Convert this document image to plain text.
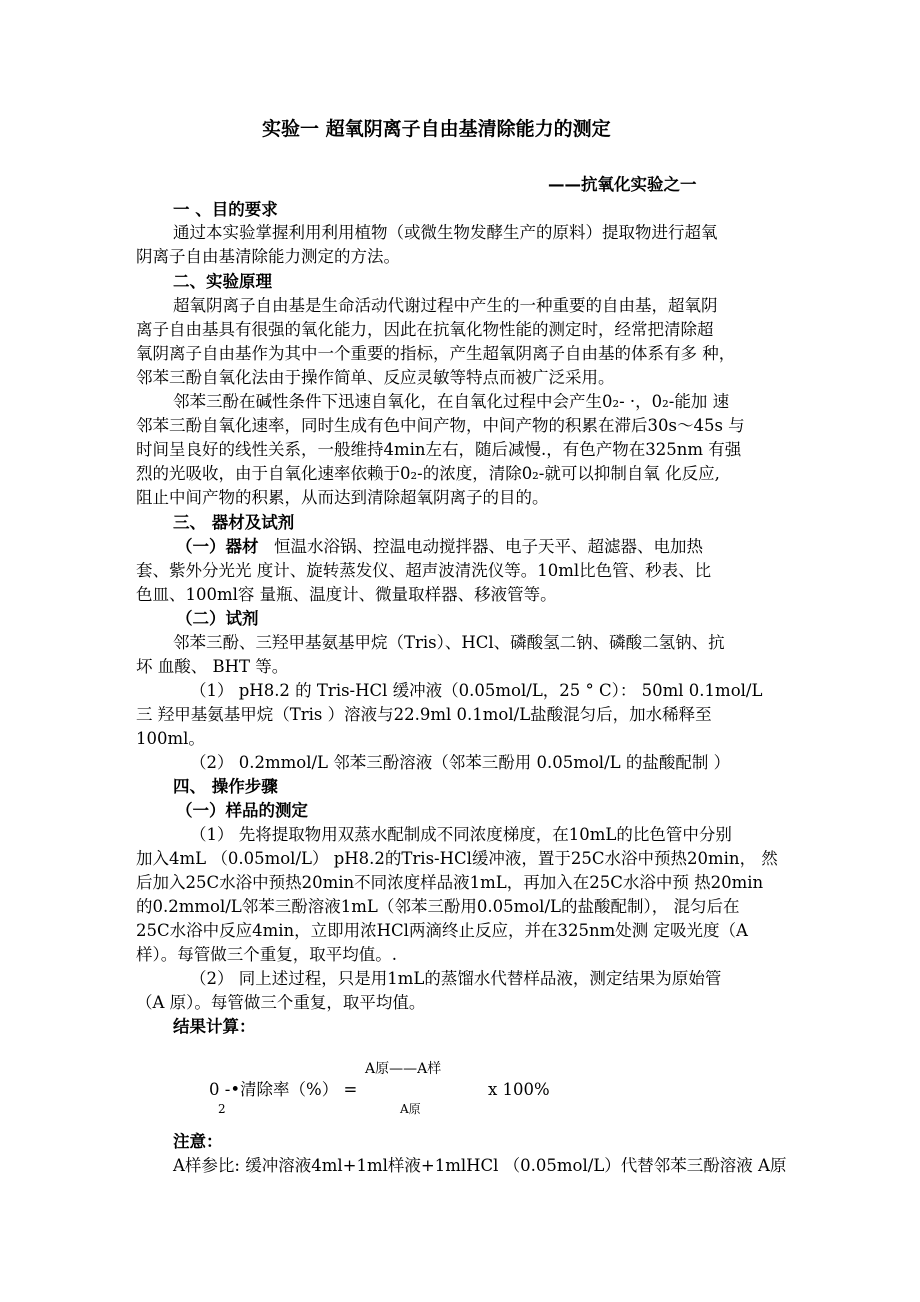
实验一 超氧阴离子自由基清除能力的测定
——抗氧化实验之一
一 、目的要求
通过本实验掌握利用利用植物（或微生物发酵生产的原料）提取物进行超氧
阴离子自由基清除能力测定的方法。
二、实验原理
超氧阴离子自由基是生命活动代谢过程中产生的一种重要的自由基，超氧阴
离子自由基具有很强的氧化能力，因此在抗氧化物性能的测定时，经常把清除超
氧阴离子自由基作为其中一个重要的指标，产生超氧阴离子自由基的体系有多 种，
邻苯三酚自氧化法由于操作简单、反应灵敏等特点而被广泛采用。
邻苯三酚在碱性条件下迅速自氧化，在自氧化过程中会产生0₂‑ ·，0₂-能加 速
邻苯三酚自氧化速率，同时生成有色中间产物，中间产物的积累在滞后30s～45s 与
时间呈良好的线性关系，一般维持4min左右，随后减慢.，有色产物在325nm 有强
烈的光吸收，由于自氧化速率依赖于0₂-的浓度，清除0₂-就可以抑制自氧 化反应,
阻止中间产物的积累，从而达到清除超氧阴离子的目的。
三、 器材及试剂
（一）器材 恒温水浴锅、控温电动搅拌器、电子天平、超滤器、电加热
套、紫外分光光 度计、旋转蒸发仪、超声波清洗仪等。10ml比色管、秒表、比
色皿、100ml容 量瓶、温度计、微量取样器、移液管等。
（二）试剂
邻苯三酚、三羟甲基氨基甲烷（Tris）、HCl、磷酸氢二钠、磷酸二氢钠、抗
坏 血酸、 BHT 等。
（1） pH8.2 的 Tris-HCl 缓冲液（0.05mol/L，25 ° C）： 50ml 0.1mol/L
三 羟甲基氨基甲烷（Tris ）溶液与22.9ml 0.1mol/L盐酸混匀后，加水稀释至
100ml。
（2） 0.2mmol/L 邻苯三酚溶液（邻苯三酚用 0.05mol/L 的盐酸配制 ）
四、 操作步骤
（一）样品的测定
（1） 先将提取物用双蒸水配制成不同浓度梯度，在10mL的比色管中分别
加入4mL （0.05mol/L） pH8.2的Tris-HCl缓冲液，置于25C水浴中预热20min， 然
后加入25C水浴中预热20min不同浓度样品液1mL，再加入在25C水浴中预 热20min
的0.2mmol/L邻苯三酚溶液1mL（邻苯三酚用0.05mol/L的盐酸配制）， 混匀后在
25C水浴中反应4min，立即用浓HCl两滴终止反应，并在325nm处测 定吸光度（A
样）。每管做三个重复，取平均值。.
（2） 同上述过程，只是用1mL的蒸馏水代替样品液，测定结果为原始管
（A 原）。每管做三个重复，取平均值。
结果计算：
A原——A样
0 ‑•清除率（%） =
2
x 100%
A原
注意：
A样参比: 缓冲溶液4ml+1ml样液+1mlHCl （0.05mol/L）代替邻苯三酚溶液 A原
